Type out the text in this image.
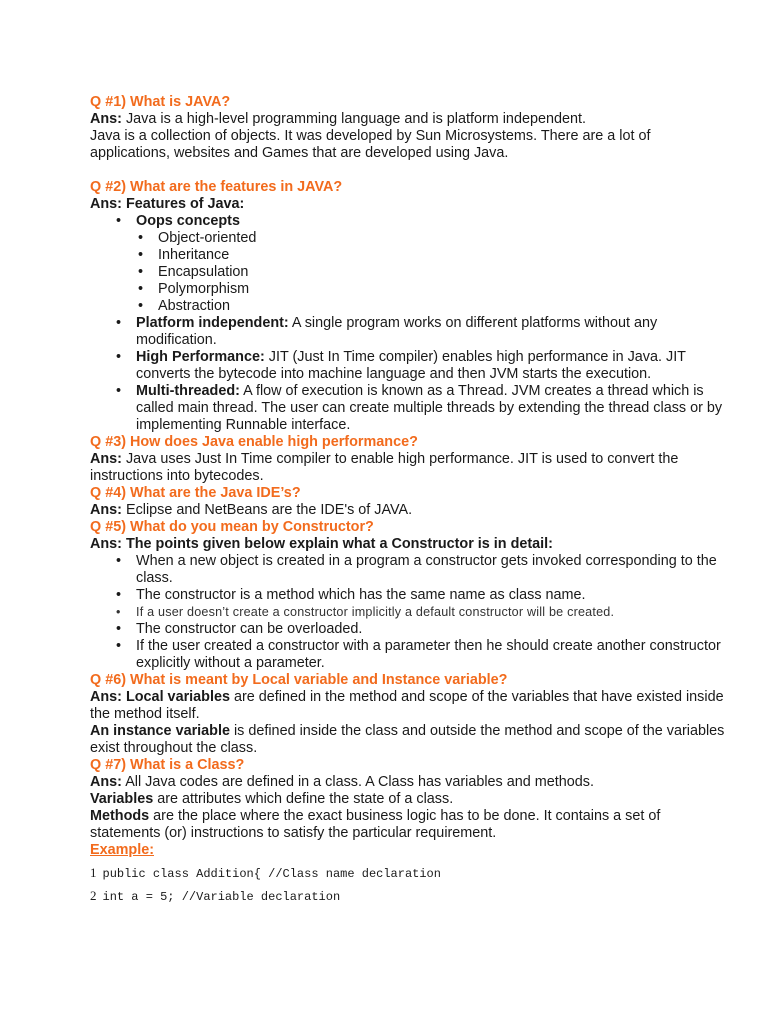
Q #1) What is JAVA?

Ans: Java is a high-level programming language and is platform independent.

Java is a collection of objects. It was developed by Sun Microsystems. There are a lot of applications, websites and Games that are developed using Java.

Q #2) What are the features in JAVA?

Ans: Features of Java:

• Oops concepts
• Object-oriented
• Inheritance
• Encapsulation
• Polymorphism
• Abstraction
• Platform independent: A single program works on different platforms without any modification.
• High Performance: JIT (Just In Time compiler) enables high performance in Java. JIT converts the bytecode into machine language and then JVM starts the execution.
• Multi-threaded: A flow of execution is known as a Thread. JVM creates a thread which is called main thread. The user can create multiple threads by extending the thread class or by implementing Runnable interface.

Q #3) How does Java enable high performance?

Ans: Java uses Just In Time compiler to enable high performance. JIT is used to convert the instructions into bytecodes.

Q #4) What are the Java IDE’s?

Ans: Eclipse and NetBeans are the IDE's of JAVA.

Q #5) What do you mean by Constructor?

Ans: The points given below explain what a Constructor is in detail:

• When a new object is created in a program a constructor gets invoked corresponding to the class.
• The constructor is a method which has the same name as class name.
• If a user doesn’t create a constructor implicitly a default constructor will be created.
• The constructor can be overloaded.
• If the user created a constructor with a parameter then he should create another constructor explicitly without a parameter.

Q #6) What is meant by Local variable and Instance variable?

Ans: Local variables are defined in the method and scope of the variables that have existed inside the method itself.

An instance variable is defined inside the class and outside the method and scope of the variables exist throughout the class.

Q #7) What is a Class?

Ans: All Java codes are defined in a class. A Class has variables and methods.

Variables are attributes which define the state of a class.

Methods are the place where the exact business logic has to be done. It contains a set of statements (or) instructions to satisfy the particular requirement.

Example:

1 public class Addition{ //Class name declaration
2 int a = 5; //Variable declaration
